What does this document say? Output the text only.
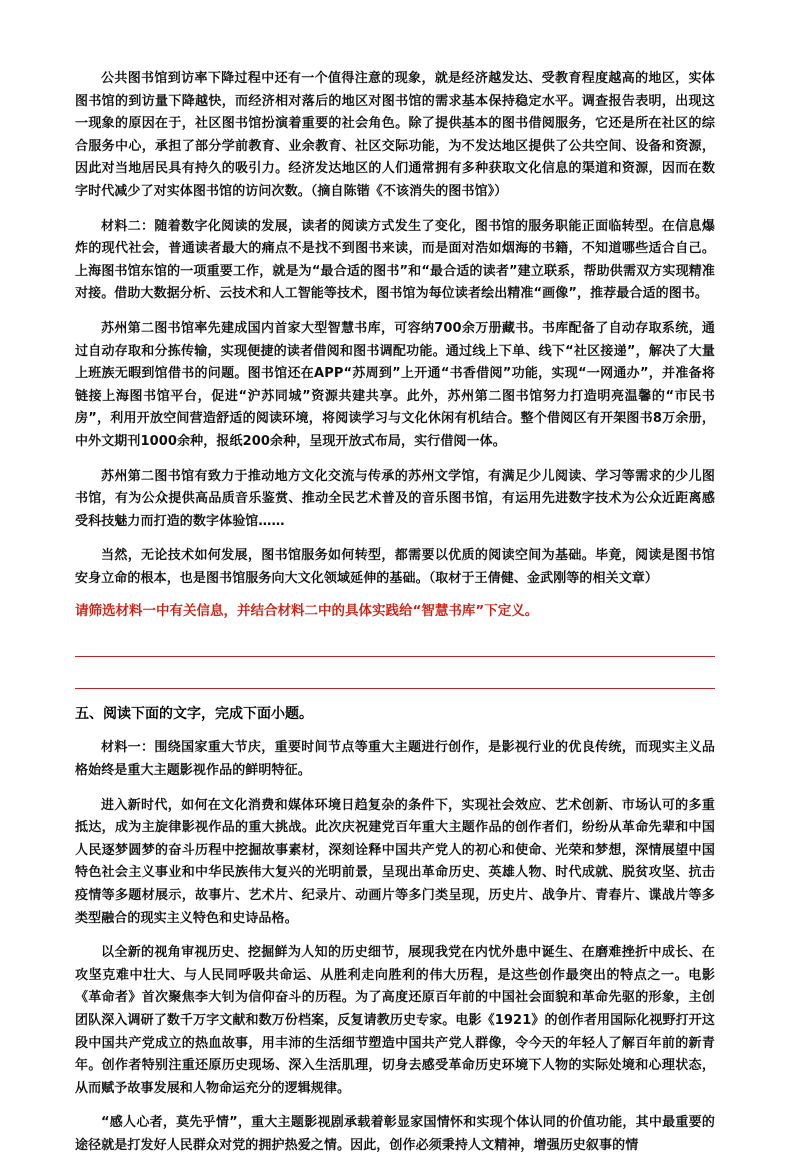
公共图书馆到访率下降过程中还有一个值得注意的现象，就是经济越发达、受教育程度越高的地区，实体图书馆的到访量下降越快，而经济相对落后的地区对图书馆的需求基本保持稳定水平。调查报告表明，出现这一现象的原因在于，社区图书馆扮演着重要的社会角色。除了提供基本的图书借阅服务，它还是所在社区的综合服务中心，承担了部分学前教育、业余教育、社区交际功能，为不发达地区提供了公共空间、设备和资源，因此对当地居民具有持久的吸引力。经济发达地区的人们通常拥有多种获取文化信息的渠道和资源，因而在数字时代减少了对实体图书馆的访问次数。（摘自陈锴《不该消失的图书馆》）

材料二：随着数字化阅读的发展，读者的阅读方式发生了变化，图书馆的服务职能正面临转型。在信息爆炸的现代社会，普通读者最大的痛点不是找不到图书来读，而是面对浩如烟海的书籍，不知道哪些适合自己。上海图书馆东馆的一项重要工作，就是为“最合适的图书”和“最合适的读者”建立联系，帮助供需双方实现精准对接。借助大数据分析、云技术和人工智能等技术，图书馆为每位读者绘出精准“画像”，推荐最合适的图书。

苏州第二图书馆率先建成国内首家大型智慧书库，可容纳700余万册藏书。书库配备了自动存取系统，通过自动存取和分拣传输，实现便捷的读者借阅和图书调配功能。通过线上下单、线下“社区接递”，解决了大量上班族无暇到馆借书的问题。图书馆还在APP“苏周到”上开通“书香借阅”功能，实现“一网通办”，并准备将链接上海图书馆平台，促进“沪苏同城”资源共建共享。此外，苏州第二图书馆努力打造明亮温馨的“市民书房”，利用开放空间营造舒适的阅读环境，将阅读学习与文化休闲有机结合。整个借阅区有开架图书8万余册，中外文期刊1000余种，报纸200余种，呈现开放式布局，实行借阅一体。

苏州第二图书馆有致力于推动地方文化交流与传承的苏州文学馆，有满足少儿阅读、学习等需求的少儿图书馆，有为公众提供高品质音乐鉴赏、推动全民艺术普及的音乐图书馆，有运用先进数字技术为公众近距离感受科技魅力而打造的数字体验馆……

当然，无论技术如何发展，图书馆服务如何转型，都需要以优质的阅读空间为基础。毕竟，阅读是图书馆安身立命的根本，也是图书馆服务向大文化领域延伸的基础。（取材于王倩健、金武刚等的相关文章）

请筛选材料一中有关信息，并结合材料二中的具体实践给“智慧书库”下定义。

五、阅读下面的文字，完成下面小题。

材料一：围绕国家重大节庆，重要时间节点等重大主题进行创作，是影视行业的优良传统，而现实主义品格始终是重大主题影视作品的鲜明特征。

进入新时代，如何在文化消费和媒体环境日趋复杂的条件下，实现社会效应、艺术创新、市场认可的多重抵达，成为主旋律影视作品的重大挑战。此次庆祝建党百年重大主题作品的创作者们，纷纷从革命先辈和中国人民逐梦圆梦的奋斗历程中挖掘故事素材，深刻诠释中国共产党人的初心和使命、光荣和梦想，深情展望中国特色社会主义事业和中华民族伟大复兴的光明前景，呈现出革命历史、英雄人物、时代成就、脱贫攻坚、抗击疫情等多题材展示，故事片、艺术片、纪录片、动画片等多门类呈现，历史片、战争片、青春片、谍战片等多类型融合的现实主义特色和史诗品格。

以全新的视角审视历史、挖掘鲜为人知的历史细节，展现我党在内忧外患中诞生、在磨难挫折中成长、在攻坚克难中壮大、与人民同呼吸共命运、从胜利走向胜利的伟大历程，是这些创作最突出的特点之一。电影《革命者》首次聚焦李大钊为信仰奋斗的历程。为了高度还原百年前的中国社会面貌和革命先驱的形象，主创团队深入调研了数千万字文献和数万份档案，反复请教历史专家。电影《1921》的创作者用国际化视野打开这段中国共产党成立的热血故事，用丰沛的生活细节塑造中国共产党人群像，令今天的年轻人了解百年前的新青年。创作者特别注重还原历史现场、深入生活肌理，切身去感受革命历史环境下人物的实际处境和心理状态，从而赋予故事发展和人物命运充分的逻辑规律。

“感人心者，莫先乎情”，重大主题影视剧承载着彰显家国情怀和实现个体认同的价值功能，其中最重要的途径就是打发好人民群众对党的拥护热爱之情。因此，创作必须秉持人文精神，增强历史叙事的情
